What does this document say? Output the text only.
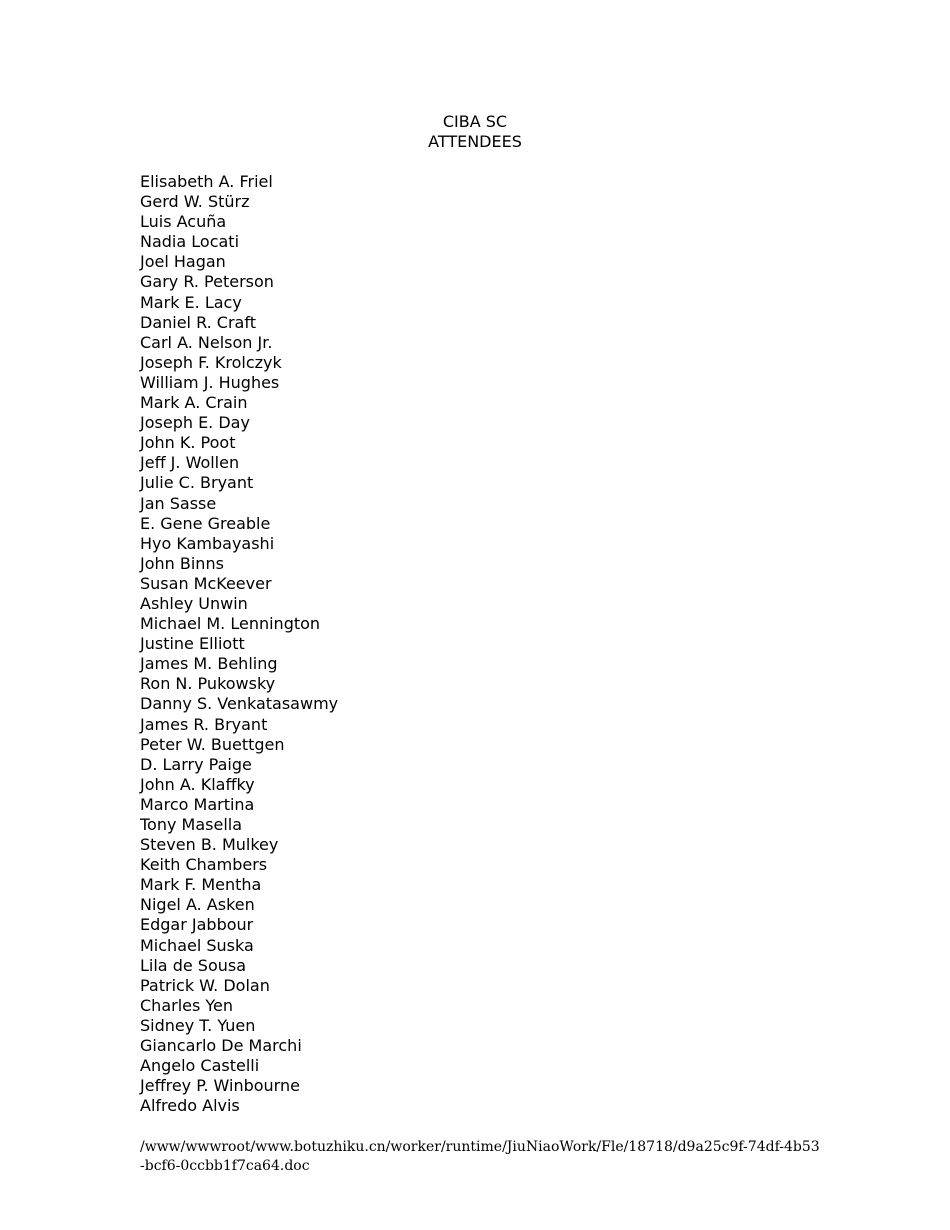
CIBA SC
ATTENDEES
Elisabeth A. Friel
Gerd W. Stürz
Luis Acuña
Nadia Locati
Joel Hagan
Gary R. Peterson
Mark E. Lacy
Daniel R. Craft
Carl A. Nelson Jr.
Joseph F. Krolczyk
William J. Hughes
Mark A. Crain
Joseph E. Day
John K. Poot
Jeff J. Wollen
Julie C. Bryant
Jan Sasse
E. Gene Greable
Hyo Kambayashi
John Binns
Susan McKeever
Ashley Unwin
Michael M. Lennington
Justine Elliott
James M. Behling
Ron N. Pukowsky
Danny S. Venkatasawmy
James R. Bryant
Peter W. Buettgen
D. Larry Paige
John A. Klaffky
Marco Martina
Tony Masella
Steven B. Mulkey
Keith Chambers
Mark F. Mentha
Nigel A. Asken
Edgar Jabbour
Michael Suska
Lila de Sousa
Patrick W. Dolan
Charles Yen
Sidney T. Yuen
Giancarlo De Marchi
Angelo Castelli
Jeffrey P. Winbourne
Alfredo Alvis
/www/wwwroot/www.botuzhiku.cn/worker/runtime/JiuNiaoWork/Fle/18718/d9a25c9f-74df-4b53-bcf6-0ccbb1f7ca64.doc
